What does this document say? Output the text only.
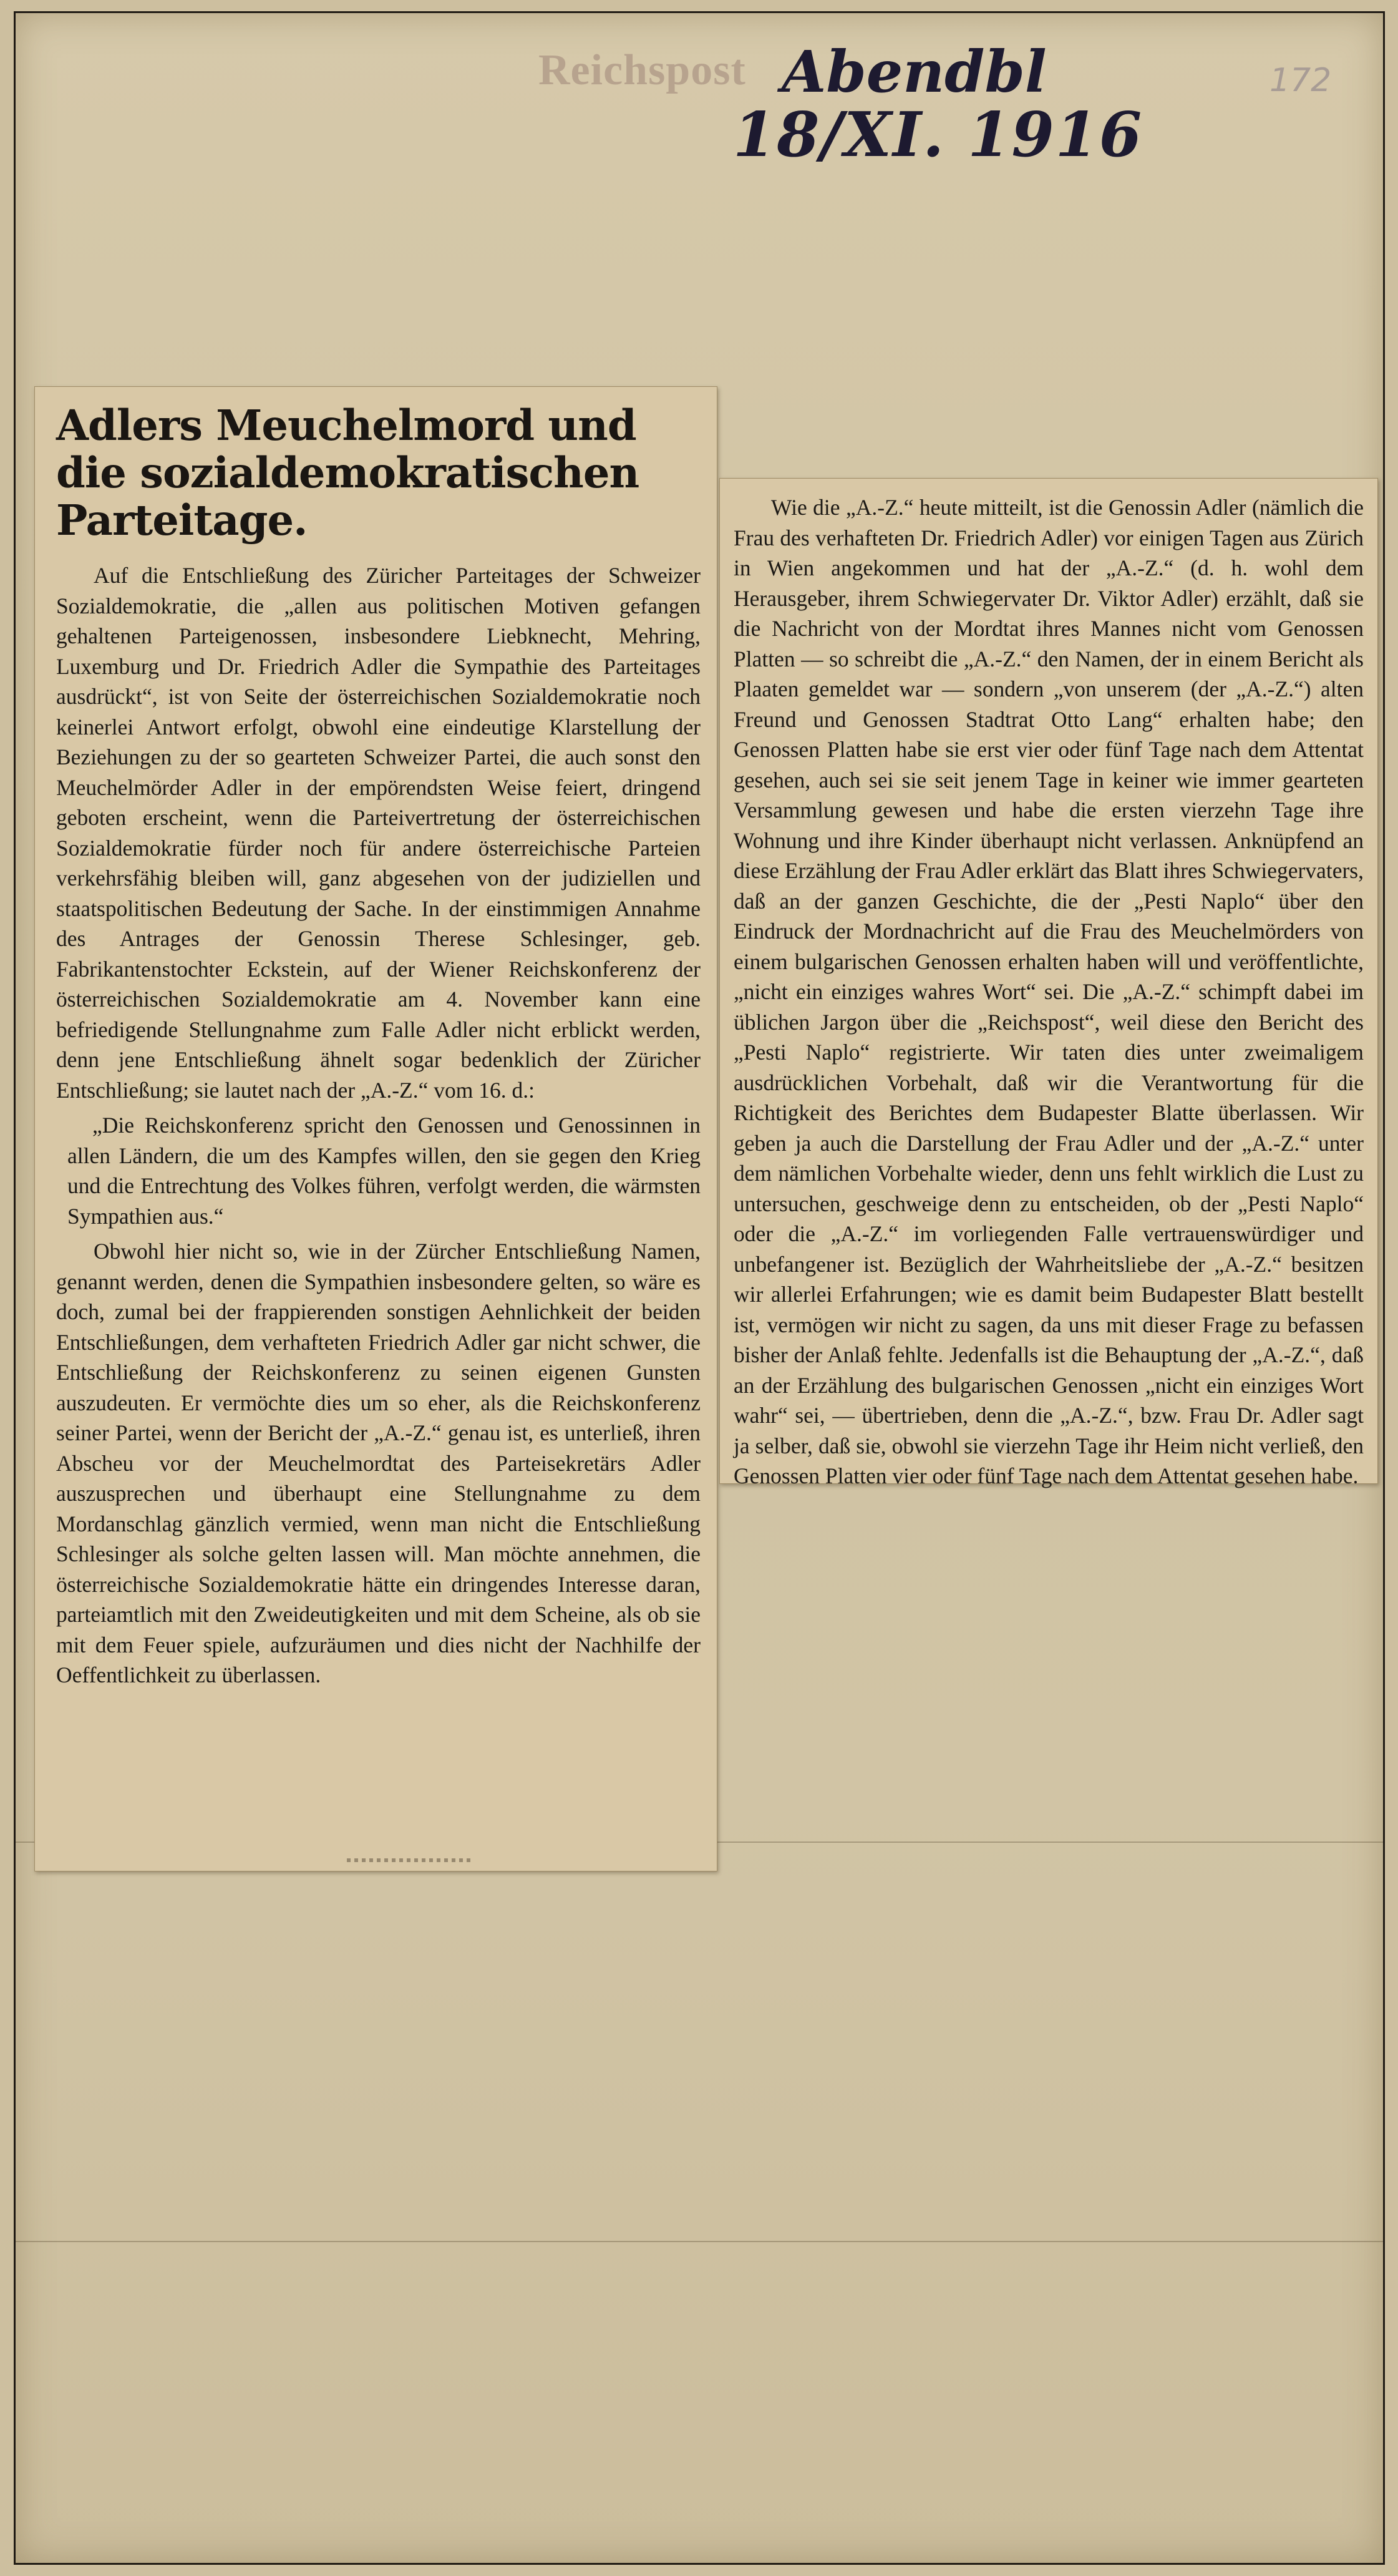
Reichspost Abendbl
18/XI. 1916
172
Adlers Meuchelmord und die sozialdemokratischen Parteitage.

Auf die Entschließung des Züricher Parteitages der Schweizer Sozialdemokratie, die „allen aus politischen Motiven gefangen gehaltenen Parteigenossen, insbesondere Liebknecht, Mehring, Luxemburg und Dr. Friedrich Adler die Sympathie des Parteitages ausdrückt“, ist von Seite der österreichischen Sozialdemokratie noch keinerlei Antwort erfolgt, obwohl eine eindeutige Klarstellung der Beziehungen zu der so gearteten Schweizer Partei, die auch sonst den Meuchelmörder Adler in der empörendsten Weise feiert, dringend geboten erscheint, wenn die Parteivertretung der österreichischen Sozialdemokratie fürder noch für andere österreichische Parteien verkehrsfähig bleiben will, ganz abgesehen von der judiziellen und staatspolitischen Bedeutung der Sache. In der einstimmigen Annahme des Antrages der Genossin Therese Schlesinger, geb. Fabrikantenstochter Eckstein, auf der Wiener Reichskonferenz der österreichischen Sozialdemokratie am 4. November kann eine befriedigende Stellungnahme zum Falle Adler nicht erblickt werden, denn jene Entschließung ähnelt sogar bedenklich der Züricher Entschließung; sie lautet nach der „A.-Z.“ vom 16. d.:

„Die Reichskonferenz spricht den Genossen und Genossinnen in allen Ländern, die um des Kampfes willen, den sie gegen den Krieg und die Entrechtung des Volkes führen, verfolgt werden, die wärmsten Sympathien aus.“

Obwohl hier nicht so, wie in der Zürcher Entschließung Namen, genannt werden, denen die Sympathien insbesondere gelten, so wäre es doch, zumal bei der frappierenden sonstigen Aehnlichkeit der beiden Entschließungen, dem verhafteten Friedrich Adler gar nicht schwer, die Entschließung der Reichskonferenz zu seinen eigenen Gunsten auszudeuten. Er vermöchte dies um so eher, als die Reichskonferenz seiner Partei, wenn der Bericht der „A.-Z.“ genau ist, es unterließ, ihren Abscheu vor der Meuchelmordtat des Parteisekretärs Adler auszusprechen und überhaupt eine Stellungnahme zu dem Mordanschlag gänzlich vermied, wenn man nicht die Entschließung Schlesinger als solche gelten lassen will. Man möchte annehmen, die österreichische Sozialdemokratie hätte ein dringendes Interesse daran, parteiamtlich mit den Zweideutigkeiten und mit dem Scheine, als ob sie mit dem Feuer spiele, aufzuräumen und dies nicht der Nachhilfe der Oeffentlichkeit zu überlassen.

Wie die „A.-Z.“ heute mitteilt, ist die Genossin Adler (nämlich die Frau des verhafteten Dr. Friedrich Adler) vor einigen Tagen aus Zürich in Wien angekommen und hat der „A.-Z.“ (d. h. wohl dem Herausgeber, ihrem Schwiegervater Dr. Viktor Adler) erzählt, daß sie die Nachricht von der Mordtat ihres Mannes nicht vom Genossen Platten — so schreibt die „A.-Z.“ den Namen, der in einem Bericht als Plaaten gemeldet war — sondern „von unserem (der „A.-Z.“) alten Freund und Genossen Stadtrat Otto Lang“ erhalten habe; den Genossen Platten habe sie erst vier oder fünf Tage nach dem Attentat gesehen, auch sei sie seit jenem Tage in keiner wie immer gearteten Versammlung gewesen und habe die ersten vierzehn Tage ihre Wohnung und ihre Kinder überhaupt nicht verlassen. Anknüpfend an diese Erzählung der Frau Adler erklärt das Blatt ihres Schwiegervaters, daß an der ganzen Geschichte, die der „Pesti Naplo“ über den Eindruck der Mordnachricht auf die Frau des Meuchelmörders von einem bulgarischen Genossen erhalten haben will und veröffentlichte, „nicht ein einziges wahres Wort“ sei. Die „A.-Z.“ schimpft dabei im üblichen Jargon über die „Reichspost“, weil diese den Bericht des „Pesti Naplo“ registrierte. Wir taten dies unter zweimaligem ausdrücklichen Vorbehalt, daß wir die Verantwortung für die Richtigkeit des Berichtes dem Budapester Blatte überlassen. Wir geben ja auch die Darstellung der Frau Adler und der „A.-Z.“ unter dem nämlichen Vorbehalte wieder, denn uns fehlt wirklich die Lust zu untersuchen, geschweige denn zu entscheiden, ob der „Pesti Naplo“ oder die „A.-Z.“ im vorliegenden Falle vertrauenswürdiger und unbefangener ist. Bezüglich der Wahrheitsliebe der „A.-Z.“ besitzen wir allerlei Erfahrungen; wie es damit beim Budapester Blatt bestellt ist, vermögen wir nicht zu sagen, da uns mit dieser Frage zu befassen bisher der Anlaß fehlte. Jedenfalls ist die Behauptung der „A.-Z.“, daß an der Erzählung des bulgarischen Genossen „nicht ein einziges Wort wahr“ sei, — übertrieben, denn die „A.-Z.“, bzw. Frau Dr. Adler sagt ja selber, daß sie, obwohl sie vierzehn Tage ihr Heim nicht verließ, den Genossen Platten vier oder fünf Tage nach dem Attentat gesehen habe.
